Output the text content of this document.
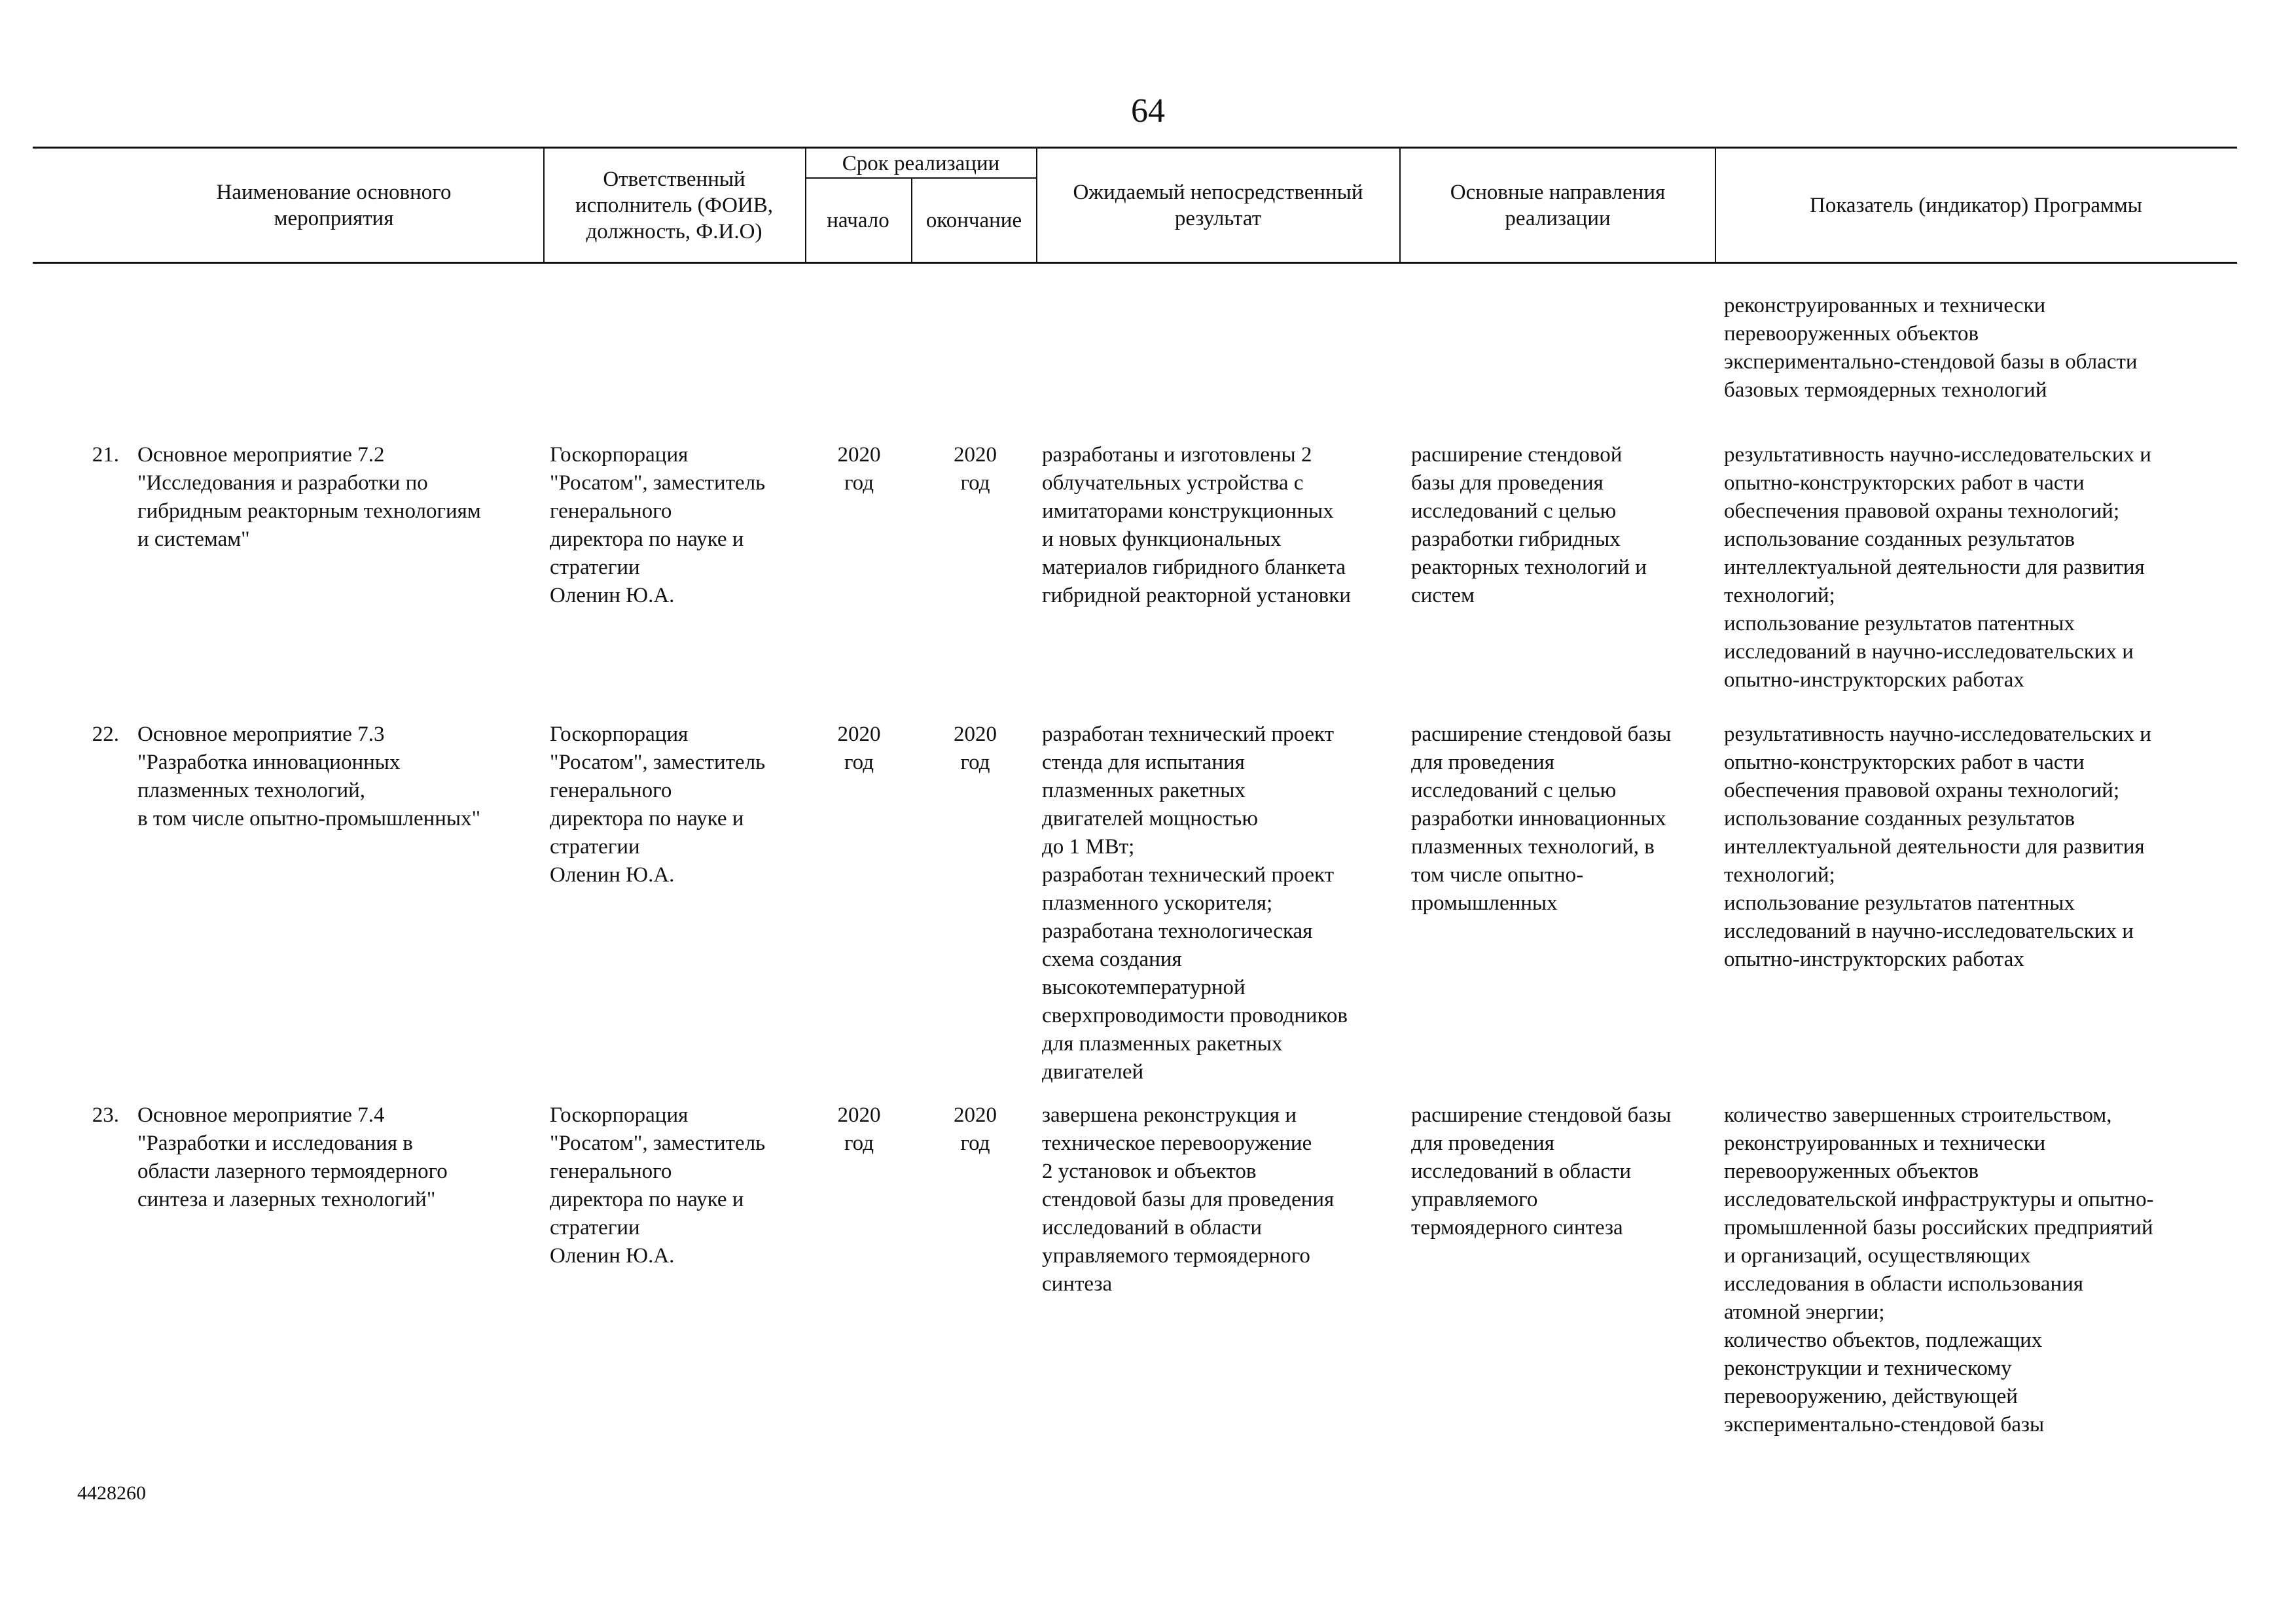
64
Наименование основного мероприятия
Ответственный исполнитель (ФОИВ, должность, Ф.И.О)
Срок реализации
начало	окончание
Ожидаемый непосредственный результат
Основные направления реализации
Показатель (индикатор) Программы
реконструированных и технически
перевооруженных объектов
экспериментально-стендовой базы в области
базовых термоядерных технологий
21. Основное мероприятие 7.2
"Исследования и разработки по
гибридным реакторным технологиям
и системам"
Госкорпорация
"Росатом", заместитель
генерального
директора по науке и
стратегии
Оленин Ю.А.
2020
год
2020
год
разработаны и изготовлены 2
облучательных устройства с
имитаторами конструкционных
и новых функциональных
материалов гибридного бланкета
гибридной реакторной установки
расширение стендовой
базы для проведения
исследований с целью
разработки гибридных
реакторных технологий и
систем
результативность научно-исследовательских и
опытно-конструкторских работ в части
обеспечения правовой охраны технологий;
использование созданных результатов
интеллектуальной деятельности для развития
технологий;
использование результатов патентных
исследований в научно-исследовательских и
опытно-инструкторских работах
22. Основное мероприятие 7.3
"Разработка инновационных
плазменных технологий,
в том числе опытно-промышленных"
Госкорпорация
"Росатом", заместитель
генерального
директора по науке и
стратегии
Оленин Ю.А.
2020
год
2020
год
разработан технический проект
стенда для испытания
плазменных ракетных
двигателей мощностью
до 1 МВт;
разработан технический проект
плазменного ускорителя;
разработана технологическая
схема создания
высокотемпературной
сверхпроводимости проводников
для плазменных ракетных
двигателей
расширение стендовой базы
для проведения
исследований с целью
разработки инновационных
плазменных технологий, в
том числе опытно-
промышленных
результативность научно-исследовательских и
опытно-конструкторских работ в части
обеспечения правовой охраны технологий;
использование созданных результатов
интеллектуальной деятельности для развития
технологий;
использование результатов патентных
исследований в научно-исследовательских и
опытно-инструкторских работах
23. Основное мероприятие 7.4
"Разработки и исследования в
области лазерного термоядерного
синтеза и лазерных технологий"
Госкорпорация
"Росатом", заместитель
генерального
директора по науке и
стратегии
Оленин Ю.А.
2020
год
2020
год
завершена реконструкция и
техническое перевооружение
2 установок и объектов
стендовой базы для проведения
исследований в области
управляемого термоядерного
синтеза
расширение стендовой базы
для проведения
исследований в области
управляемого
термоядерного синтеза
количество завершенных строительством,
реконструированных и технически
перевооруженных объектов
исследовательской инфраструктуры и опытно-
промышленной базы российских предприятий
и организаций, осуществляющих
исследования в области использования
атомной энергии;
количество объектов, подлежащих
реконструкции и техническому
перевооружению, действующей
экспериментально-стендовой базы
4428260
